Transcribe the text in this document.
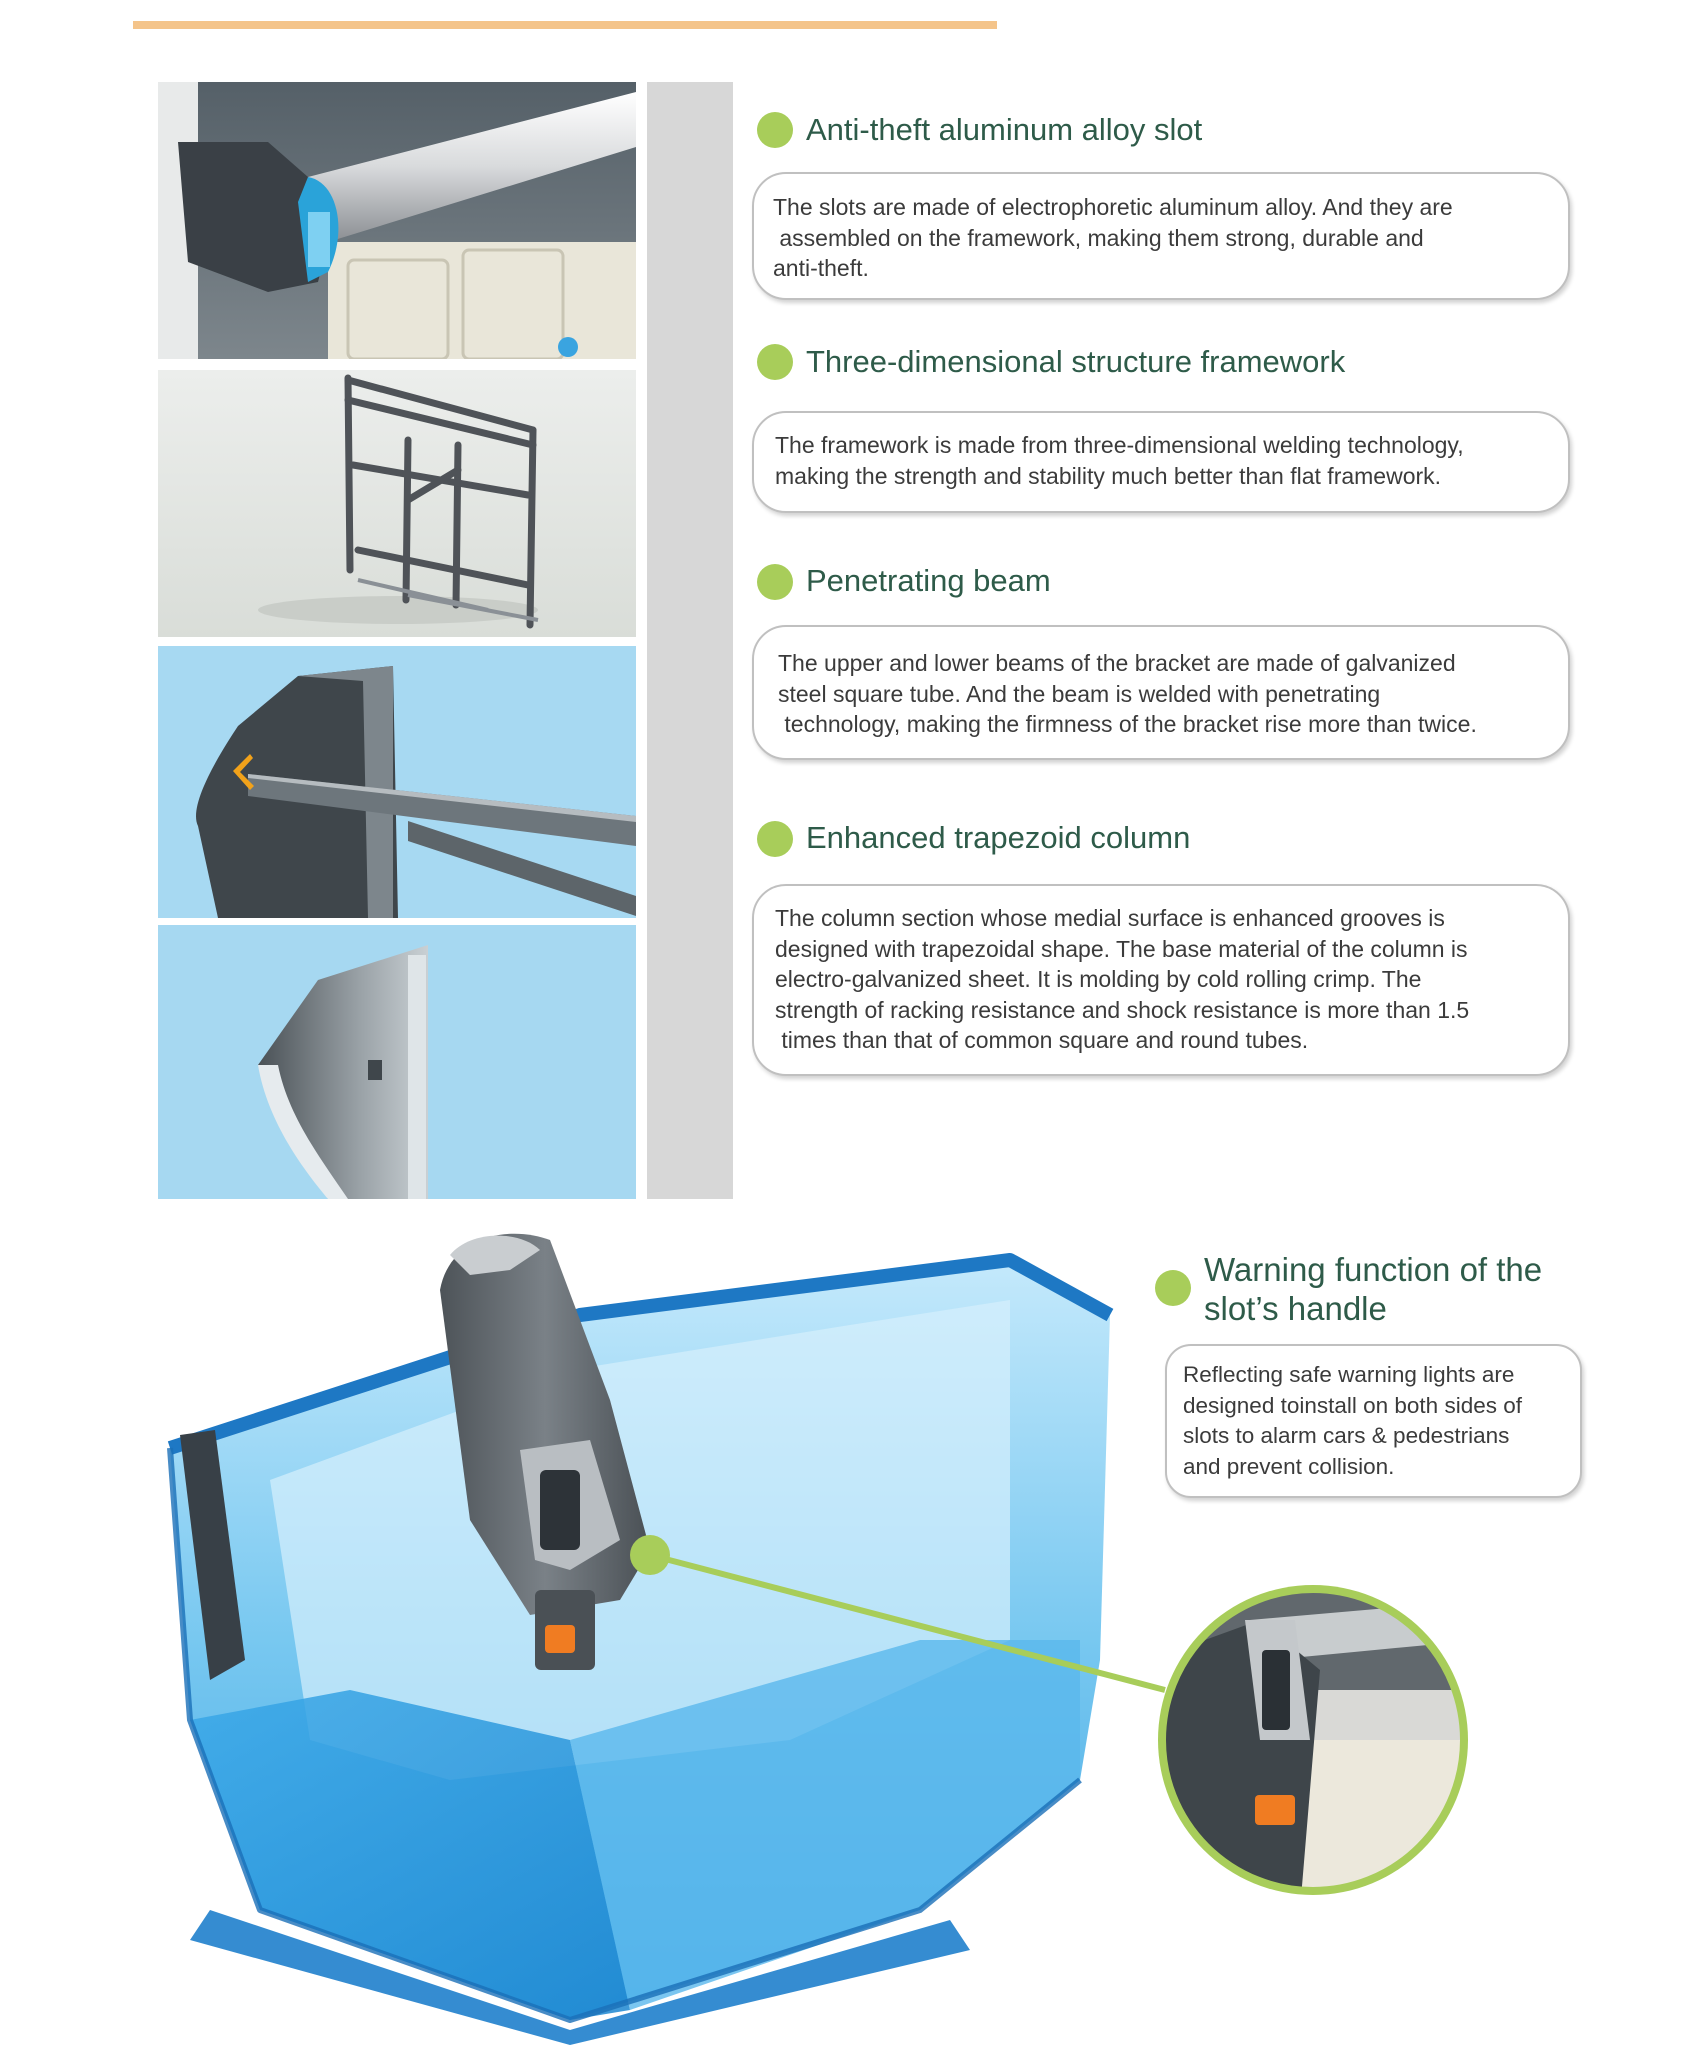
Anti-theft aluminum alloy slot
The slots are made of electrophoretic aluminum alloy. And they are
assembled on the framework, making them strong, durable and
anti-theft.
Three-dimensional structure framework
The framework is made from three-dimensional welding technology,
making the strength and stability much better than flat framework.
Penetrating beam
The upper and lower beams of the bracket are made of galvanized
steel square tube. And the beam is welded with penetrating
technology, making the firmness of the bracket rise more than twice.
Enhanced trapezoid column
The column section whose medial surface is enhanced grooves is
designed with trapezoidal shape. The base material of the column is
electro-galvanized sheet. It is molding by cold rolling crimp. The
strength of racking resistance and shock resistance is more than 1.5
times than that of common square and round tubes.
Warning function of the
slot’s handle
Reflecting safe warning lights are
designed toinstall on both sides of
slots to alarm cars & pedestrians
and prevent collision.
